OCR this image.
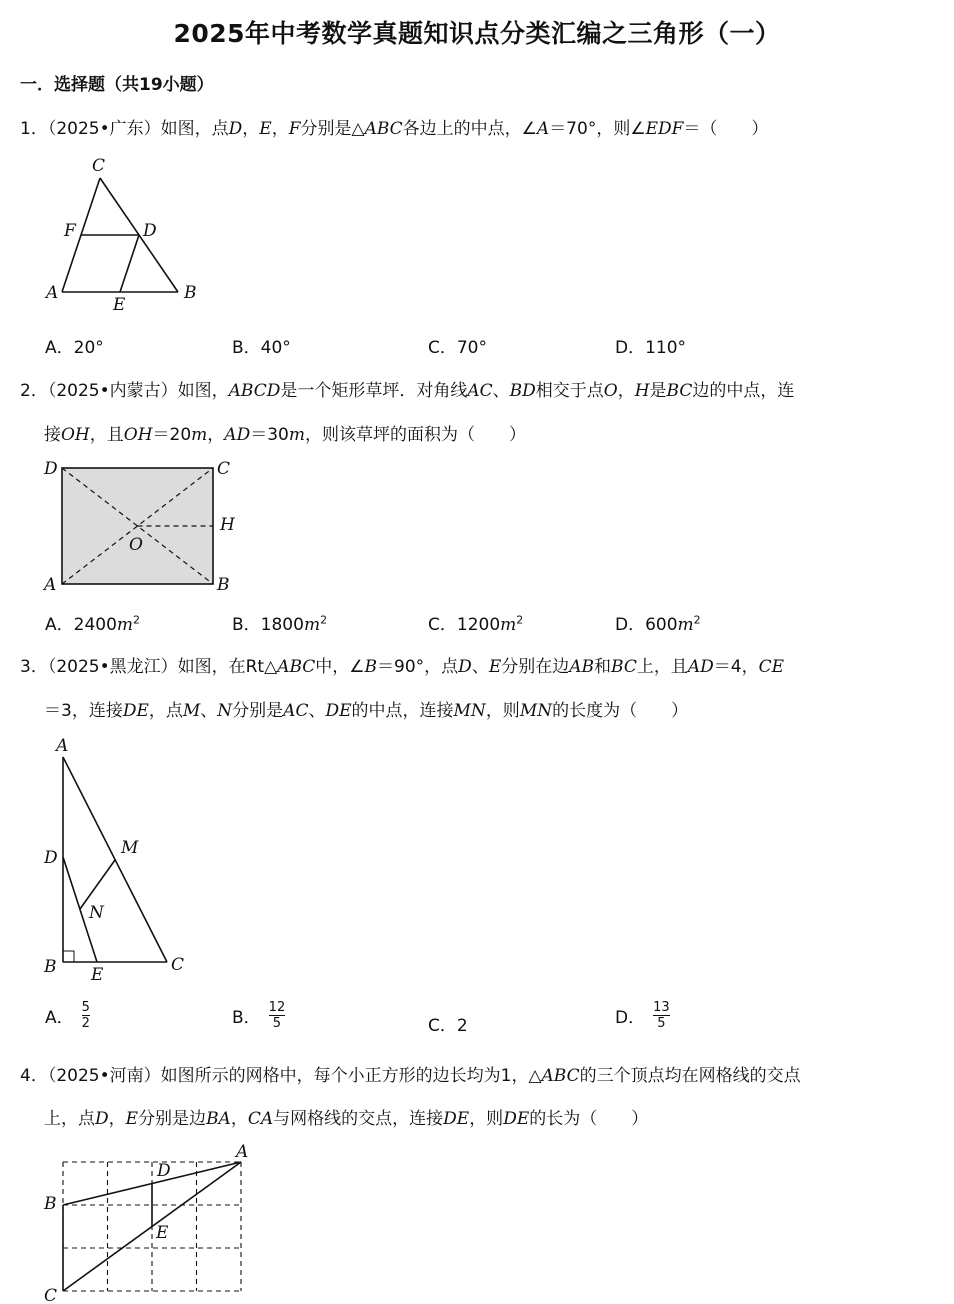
2025年中考数学真题知识点分类汇编之三角形（一）
一．选择题（共19小题）
1．（2025•广东）如图，点D，E，F分别是△ABC各边上的中点，∠A＝70°，则∠EDF＝（　　）
C
F	D
A
E
B
A．20°	B．40°	C．70°	D．110°
2．（2025•内蒙古）如图，ABCD是一个矩形草坪．对角线AC、BD相交于点O，H是BC边的中点，连
接OH，且OH＝20m，AD＝30m，则该草坪的面积为（　　）
D	C
H
O
A	B
A．$2400m^2$	B．$1800m^2$	C．$1200m^2$	D．$600m^2$
3．（2025•黑龙江）如图，在Rt△ABC中，∠B＝90°，点D、E分别在边AB和BC上，且AD＝4，CE
＝3，连接DE，点M、N分别是AC、DE的中点，连接MN，则MN的长度为（　　）
A
M
D
N
B E	C
A． $\frac{5}{2}$	B． $\frac{12}{5}$	C．2	D． $\frac{13}{5}$
4．（2025•河南）如图所示的网格中，每个小正方形的边长均为1，△ABC的三个顶点均在网格线的交点
上，点D，E分别是边BA，CA与网格线的交点，连接DE，则DE的长为（　　）
A
D
B
E
C
